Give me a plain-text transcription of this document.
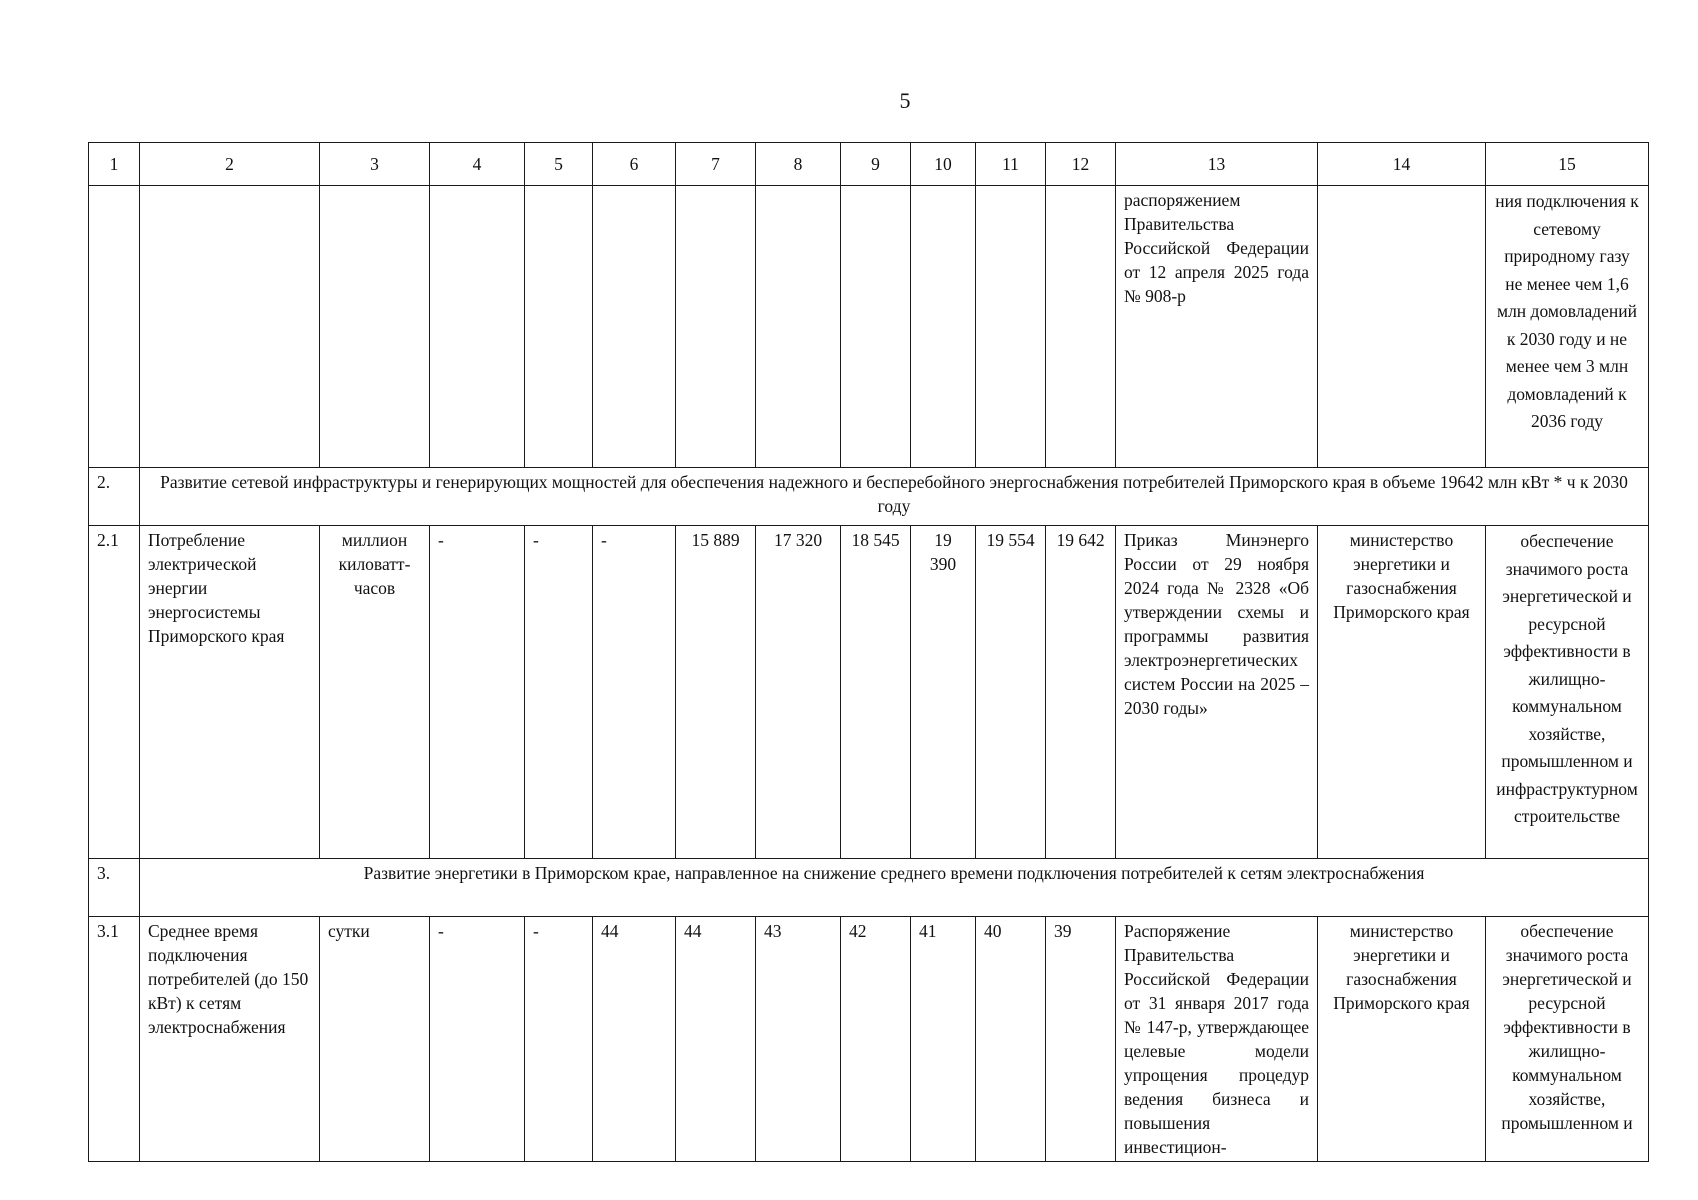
5
1	2	3	4	5	6	7	8	9	10	11	12	13	14	15
												распоряжением Правительства Российской Федерации от 12 апреля 2025 года № 908-р		ния подключения к сетевому природному газу не менее чем 1,6 млн домовладений к 2030 году и не менее чем 3 млн домовладений к 2036 году
2.	Развитие сетевой инфраструктуры и генерирующих мощностей для обеспечения надежного и бесперебойного энергоснабжения потребителей Приморского края в объеме 19642 млн кВт * ч к 2030 году													
2.1	Потребление электрической энергии энергосистемы Приморского края	миллион киловатт-часов	-	-	-	15 889	17 320	18 545	19 390	19 554	19 642	Приказ Минэнерго России от 29 ноября 2024 года № 2328 «Об утверждении схемы и программы развития электроэнергетических систем России на 2025 – 2030 годы»	министерство энергетики и газоснабжения Приморского края	обеспечение значимого роста энергетической и ресурсной эффективности в жилищно-коммунальном хозяйстве, промышленном и инфраструктурном строительстве
3.	Развитие энергетики в Приморском крае, направленное на снижение среднего времени подключения потребителей к сетям электроснабжения													
3.1	Среднее время подключения потребителей (до 150 кВт) к сетям электроснабжения	сутки	-	-	44	44	43	42	41	40	39	Распоряжение Правительства Российской Федерации от 31 января 2017 года № 147-р, утверждающее целевые модели упрощения процедур ведения бизнеса и повышения инвестицион-	министерство энергетики и газоснабжения Приморского края	обеспечение значимого роста энергетической и ресурсной эффективности в жилищно-коммунальном хозяйстве, промышленном и
